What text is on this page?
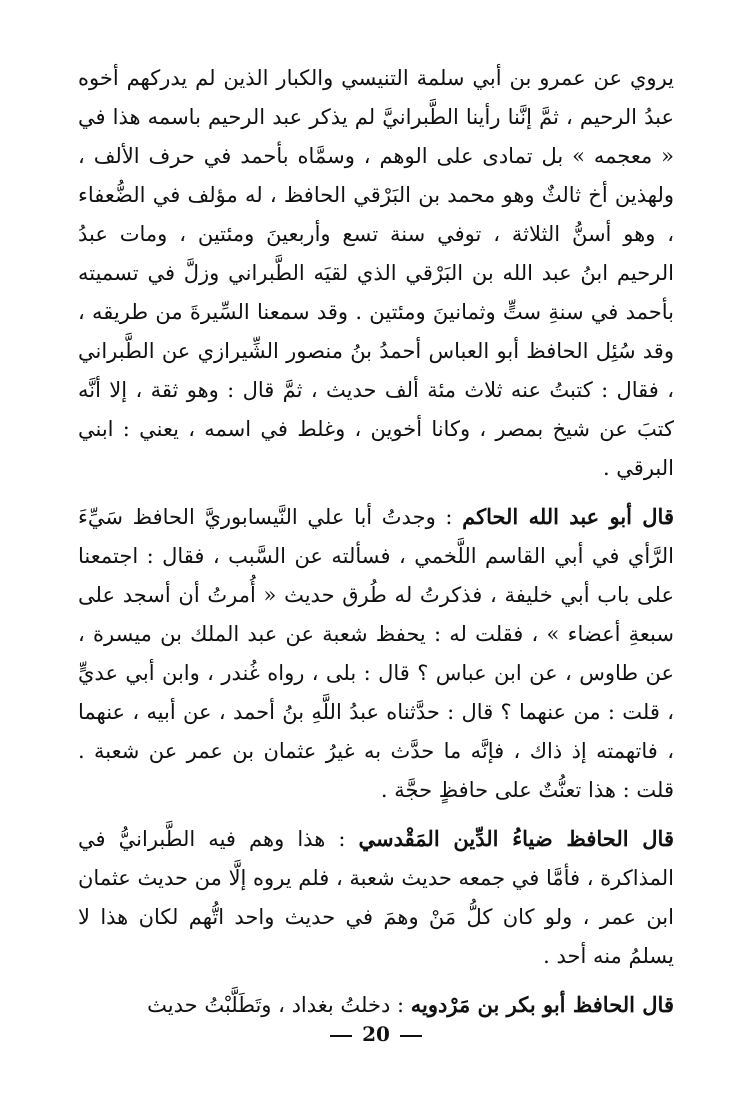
يروي عن عمرو بن أبي سلمة التنيسي والكبار الذين لم يدركهم أخوه عبدُ الرحيم ، ثمَّ إنَّنا رأينا الطَّبرانيَّ لم يذكر عبد الرحيم باسمه هذا في « معجمه » بل تمادى على الوهم ، وسمَّاه بأحمد في حرف الألف ، ولهذين أخ ثالثٌ وهو محمد بن البَرْقي الحافظ ، له مؤلف في الضُّعفاء ، وهو أسنُّ الثلاثة ، توفي سنة تسع وأربعينَ ومئتين ، ومات عبدُ الرحيم ابنُ عبد الله بن البَرْقي الذي لقيَه الطَّبراني وزلَّ في تسميته بأحمد في سنةِ ستٍّ وثمانينَ ومئتين . وقد سمعنا السِّيرةَ من طريقه ، وقد سُئِل الحافظ أبو العباس أحمدُ بنُ منصور الشِّيرازي عن الطَّبراني ، فقال : كتبتُ عنه ثلاث مئة ألف حديث ، ثمَّ قال : وهو ثقة ، إلا أنَّه كتبَ عن شيخ بمصر ، وكانا أخوين ، وغلط في اسمه ، يعني : ابني البرقي .

قال أبو عبد الله الحاكم : وجدتُ أبا علي النَّيسابوريَّ الحافظ سَيِّءَ الرَّأي في أبي القاسم اللَّخمي ، فسألته عن السَّبب ، فقال : اجتمعنا على باب أبي خليفة ، فذكرتُ له طُرق حديث « أُمرتُ أن أسجد على سبعةِ أعضاء » ، فقلت له : يحفظ شعبة عن عبد الملك بن ميسرة ، عن طاوس ، عن ابن عباس ؟ قال : بلى ، رواه غُندر ، وابن أبي عديٍّ ، قلت : من عنهما ؟ قال : حدَّثناه عبدُ اللَّهِ بنُ أحمد ، عن أبيه ، عنهما ، فاتهمته إذ ذاك ، فإنَّه ما حدَّث به غيرُ عثمان بن عمر عن شعبة . قلت : هذا تعنُّتٌ على حافظٍ حجَّة .

قال الحافظ ضياءُ الدِّين المَقْدسي : هذا وهم فيه الطَّبرانيُّ في المذاكرة ، فأمَّا في جمعه حديث شعبة ، فلم يروه إلَّا من حديث عثمان ابن عمر ، ولو كان كلُّ مَنْ وهمَ في حديث واحد اتُّهم لكان هذا لا يسلمُ منه أحد .

قال الحافظ أبو بكر بن مَرْدويه : دخلتُ بغداد ، وتَطَلَّبْتُ حديث

20
